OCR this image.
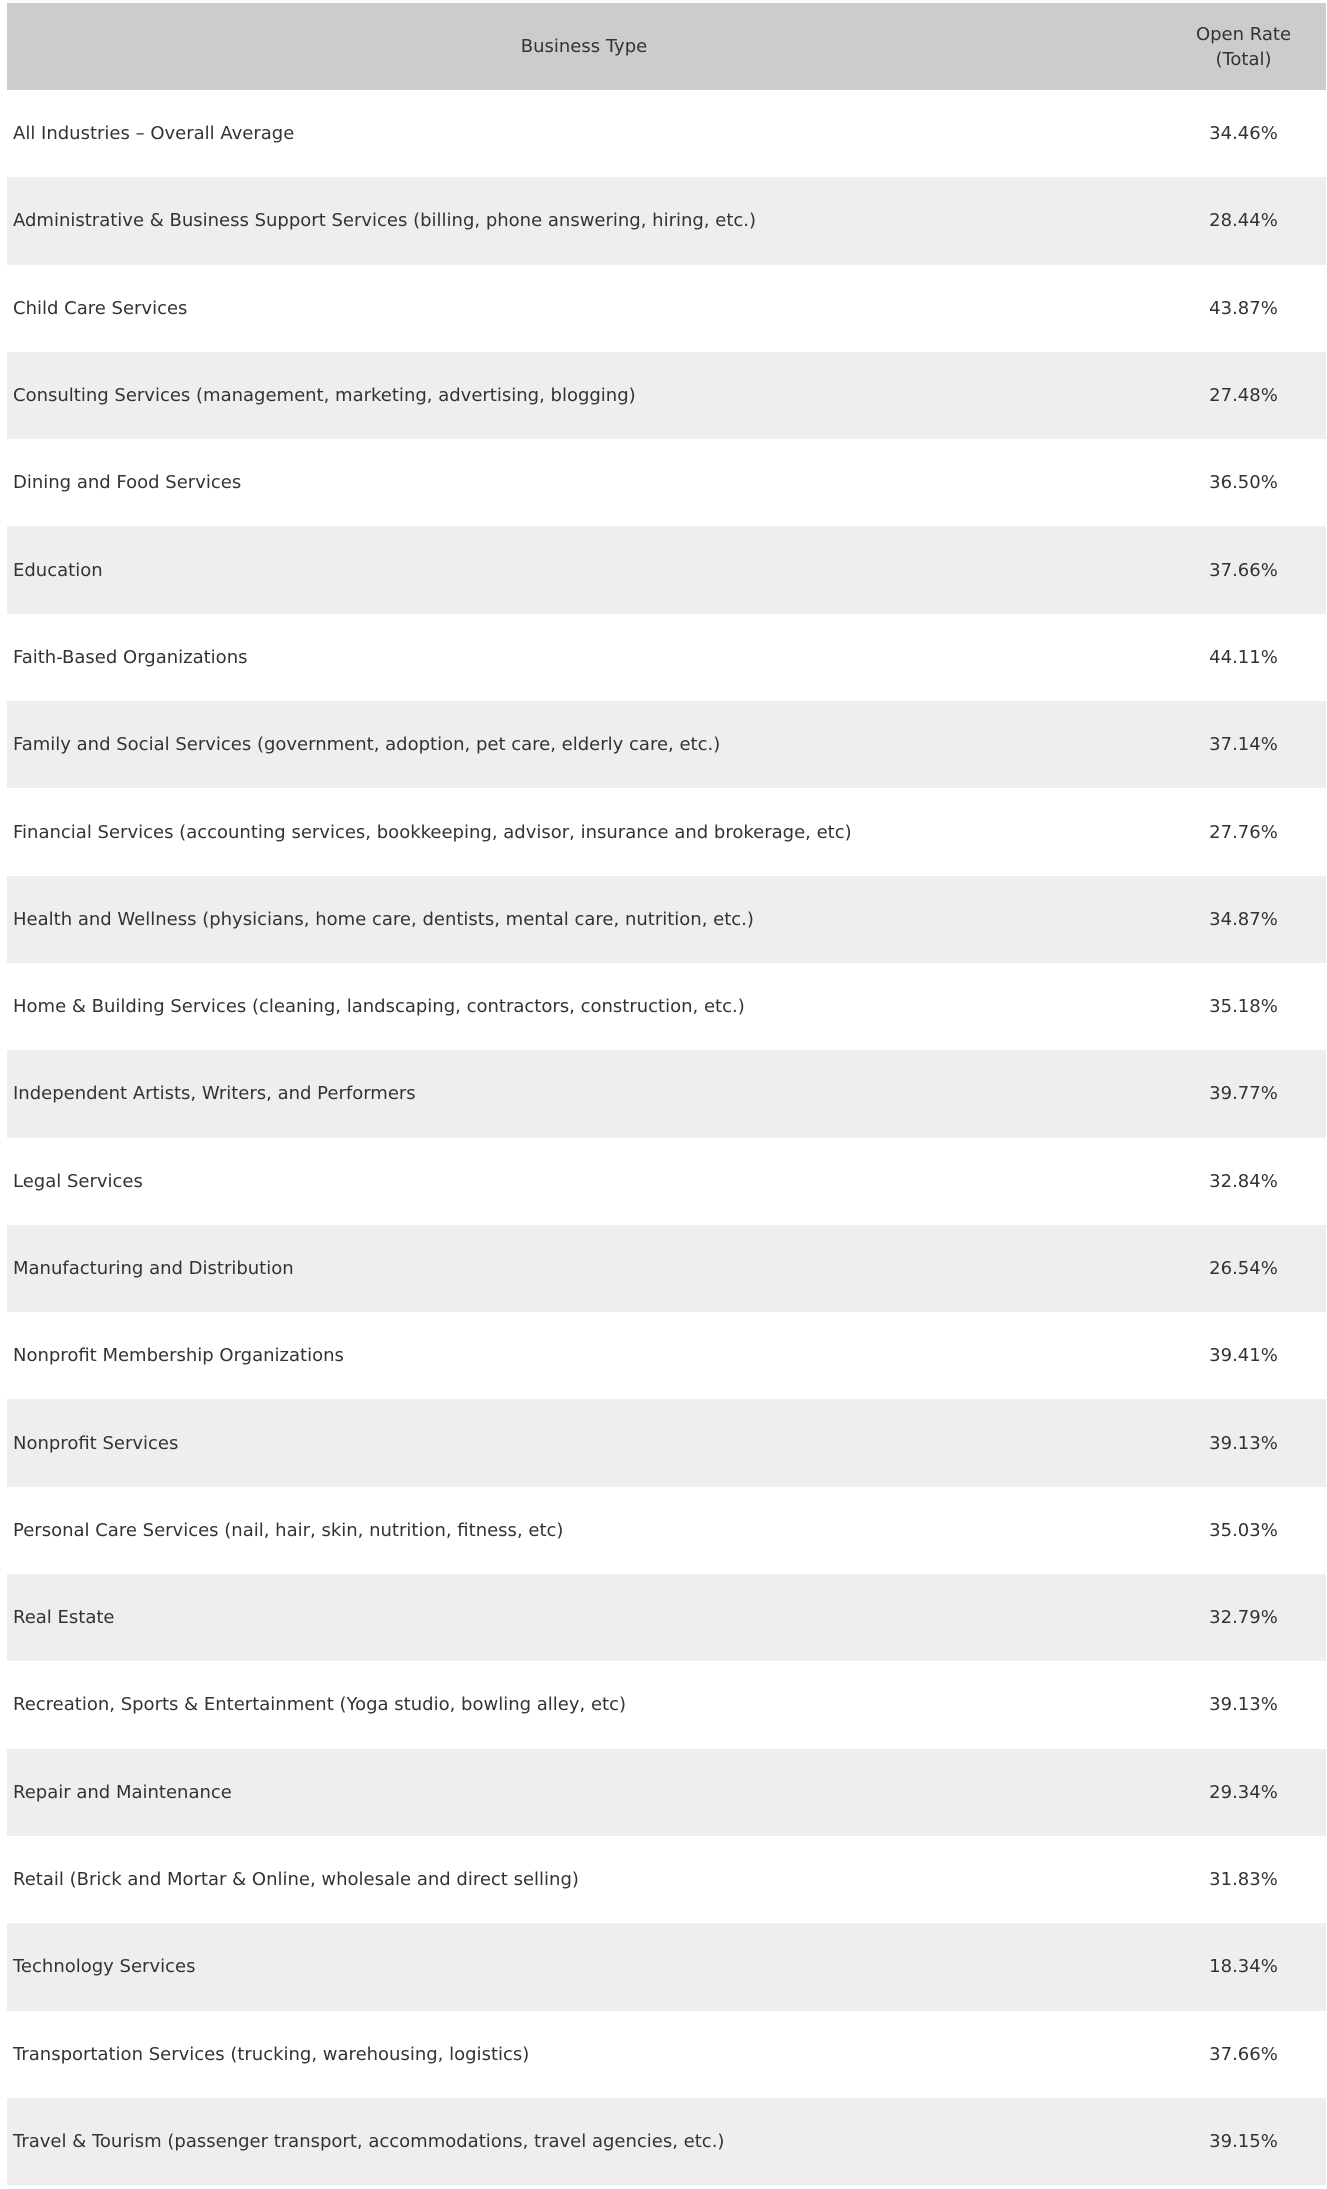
Business Type	Open Rate
(Total)

All Industries – Overall Average	34.46%
Administrative & Business Support Services (billing, phone answering, hiring, etc.)	28.44%
Child Care Services	43.87%
Consulting Services (management, marketing, advertising, blogging)	27.48%
Dining and Food Services	36.50%
Education	37.66%
Faith-Based Organizations	44.11%
Family and Social Services (government, adoption, pet care, elderly care, etc.)	37.14%
Financial Services (accounting services, bookkeeping, advisor, insurance and brokerage, etc)	27.76%
Health and Wellness (physicians, home care, dentists, mental care, nutrition, etc.)	34.87%
Home & Building Services (cleaning, landscaping, contractors, construction, etc.)	35.18%
Independent Artists, Writers, and Performers	39.77%
Legal Services	32.84%
Manufacturing and Distribution	26.54%
Nonprofit Membership Organizations	39.41%
Nonprofit Services	39.13%
Personal Care Services (nail, hair, skin, nutrition, fitness, etc)	35.03%
Real Estate	32.79%
Recreation, Sports & Entertainment (Yoga studio, bowling alley, etc)	39.13%
Repair and Maintenance	29.34%
Retail (Brick and Mortar & Online, wholesale and direct selling)	31.83%
Technology Services	18.34%
Transportation Services (trucking, warehousing, logistics)	37.66%
Travel & Tourism (passenger transport, accommodations, travel agencies, etc.)	39.15%
